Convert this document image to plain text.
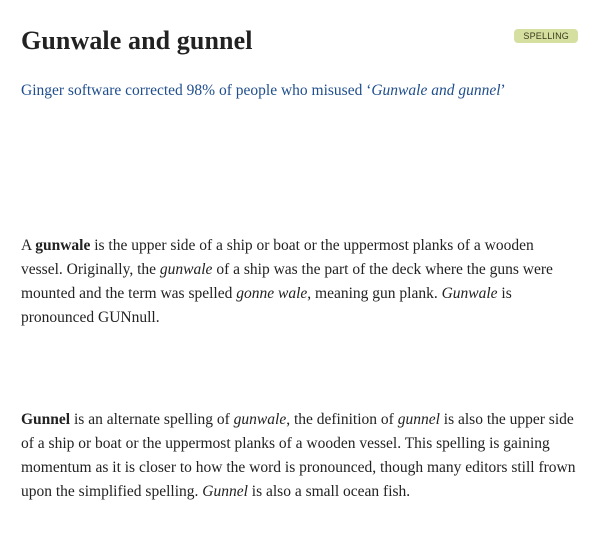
Gunwale and gunnel	SPELLING
Ginger software corrected 98% of people who misused ‘Gunwale and gunnel’

A gunwale is the upper side of a ship or boat or the uppermost planks of a wooden vessel. Originally, the gunwale of a ship was the part of the deck where the guns were mounted and the term was spelled gonne wale, meaning gun plank. Gunwale is pronounced GUNnull.

Gunnel is an alternate spelling of gunwale, the definition of gunnel is also the upper side of a ship or boat or the uppermost planks of a wooden vessel. This spelling is gaining momentum as it is closer to how the word is pronounced, though many editors still frown upon the simplified spelling. Gunnel is also a small ocean fish.
